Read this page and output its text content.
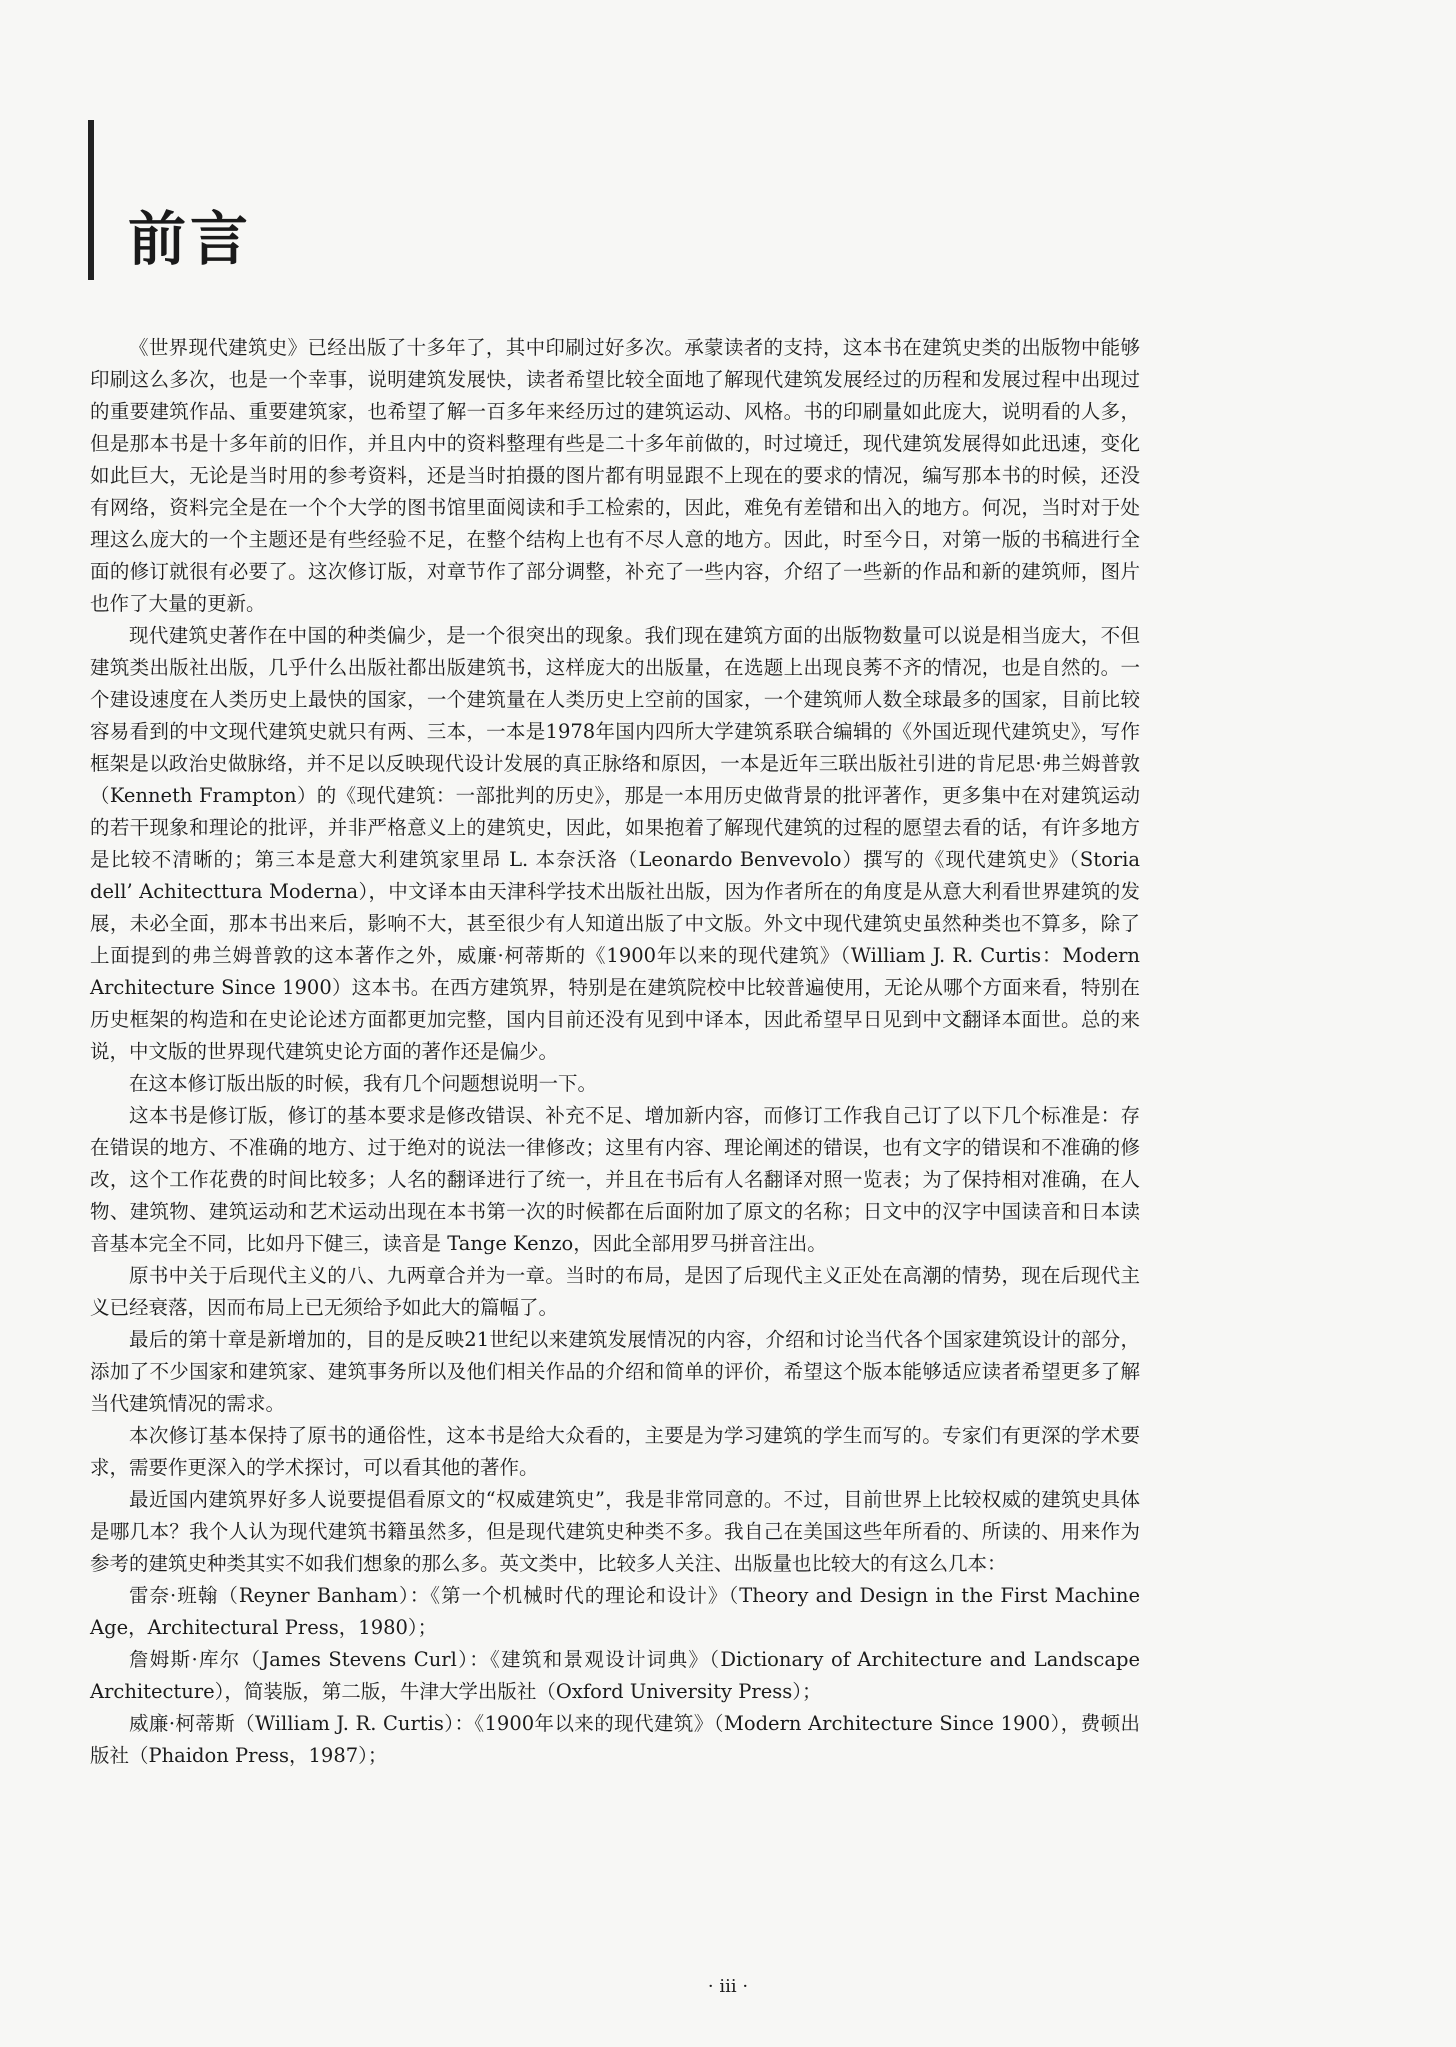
前言

《世界现代建筑史》已经出版了十多年了，其中印刷过好多次。承蒙读者的支持，这本书在建筑史类的出版物中能够印刷这么多次，也是一个幸事，说明建筑发展快，读者希望比较全面地了解现代建筑发展经过的历程和发展过程中出现过的重要建筑作品、重要建筑家，也希望了解一百多年来经历过的建筑运动、风格。书的印刷量如此庞大，说明看的人多，但是那本书是十多年前的旧作，并且内中的资料整理有些是二十多年前做的，时过境迁，现代建筑发展得如此迅速，变化如此巨大，无论是当时用的参考资料，还是当时拍摄的图片都有明显跟不上现在的要求的情况，编写那本书的时候，还没有网络，资料完全是在一个个大学的图书馆里面阅读和手工检索的，因此，难免有差错和出入的地方。何况，当时对于处理这么庞大的一个主题还是有些经验不足，在整个结构上也有不尽人意的地方。因此，时至今日，对第一版的书稿进行全面的修订就很有必要了。这次修订版，对章节作了部分调整，补充了一些内容，介绍了一些新的作品和新的建筑师，图片也作了大量的更新。

现代建筑史著作在中国的种类偏少，是一个很突出的现象。我们现在建筑方面的出版物数量可以说是相当庞大，不但建筑类出版社出版，几乎什么出版社都出版建筑书，这样庞大的出版量，在选题上出现良莠不齐的情况，也是自然的。一个建设速度在人类历史上最快的国家，一个建筑量在人类历史上空前的国家，一个建筑师人数全球最多的国家，目前比较容易看到的中文现代建筑史就只有两、三本，一本是1978年国内四所大学建筑系联合编辑的《外国近现代建筑史》，写作框架是以政治史做脉络，并不足以反映现代设计发展的真正脉络和原因，一本是近年三联出版社引进的肯尼思·弗兰姆普敦（Kenneth Frampton）的《现代建筑：一部批判的历史》，那是一本用历史做背景的批评著作，更多集中在对建筑运动的若干现象和理论的批评，并非严格意义上的建筑史，因此，如果抱着了解现代建筑的过程的愿望去看的话，有许多地方是比较不清晰的；第三本是意大利建筑家里昂 L. 本奈沃洛（Leonardo Benvevolo）撰写的《现代建筑史》（Storia dell’ Achitecttura Moderna），中文译本由天津科学技术出版社出版，因为作者所在的角度是从意大利看世界建筑的发展，未必全面，那本书出来后，影响不大，甚至很少有人知道出版了中文版。外文中现代建筑史虽然种类也不算多，除了上面提到的弗兰姆普敦的这本著作之外，威廉·柯蒂斯的《1900年以来的现代建筑》（William J. R. Curtis：Modern Architecture Since 1900）这本书。在西方建筑界，特别是在建筑院校中比较普遍使用，无论从哪个方面来看，特别在历史框架的构造和在史论论述方面都更加完整，国内目前还没有见到中译本，因此希望早日见到中文翻译本面世。总的来说，中文版的世界现代建筑史论方面的著作还是偏少。

在这本修订版出版的时候，我有几个问题想说明一下。

这本书是修订版，修订的基本要求是修改错误、补充不足、增加新内容，而修订工作我自己订了以下几个标准是：存在错误的地方、不准确的地方、过于绝对的说法一律修改；这里有内容、理论阐述的错误，也有文字的错误和不准确的修改，这个工作花费的时间比较多；人名的翻译进行了统一，并且在书后有人名翻译对照一览表；为了保持相对准确，在人物、建筑物、建筑运动和艺术运动出现在本书第一次的时候都在后面附加了原文的名称；日文中的汉字中国读音和日本读音基本完全不同，比如丹下健三，读音是 Tange Kenzo，因此全部用罗马拼音注出。

原书中关于后现代主义的八、九两章合并为一章。当时的布局，是因了后现代主义正处在高潮的情势，现在后现代主义已经衰落，因而布局上已无须给予如此大的篇幅了。

最后的第十章是新增加的，目的是反映21世纪以来建筑发展情况的内容，介绍和讨论当代各个国家建筑设计的部分，添加了不少国家和建筑家、建筑事务所以及他们相关作品的介绍和简单的评价，希望这个版本能够适应读者希望更多了解当代建筑情况的需求。

本次修订基本保持了原书的通俗性，这本书是给大众看的，主要是为学习建筑的学生而写的。专家们有更深的学术要求，需要作更深入的学术探讨，可以看其他的著作。

最近国内建筑界好多人说要提倡看原文的“权威建筑史”，我是非常同意的。不过，目前世界上比较权威的建筑史具体是哪几本？我个人认为现代建筑书籍虽然多，但是现代建筑史种类不多。我自己在美国这些年所看的、所读的、用来作为参考的建筑史种类其实不如我们想象的那么多。英文类中，比较多人关注、出版量也比较大的有这么几本：

雷奈·班翰（Reyner Banham）：《第一个机械时代的理论和设计》（Theory and Design in the First Machine Age，Architectural Press，1980）；

詹姆斯·库尔（James Stevens Curl）：《建筑和景观设计词典》（Dictionary of Architecture and Landscape Architecture），简装版，第二版，牛津大学出版社（Oxford University Press）；

威廉·柯蒂斯（William J. R. Curtis）：《1900年以来的现代建筑》（Modern Architecture Since 1900），费顿出版社（Phaidon Press，1987）；

· iii ·
